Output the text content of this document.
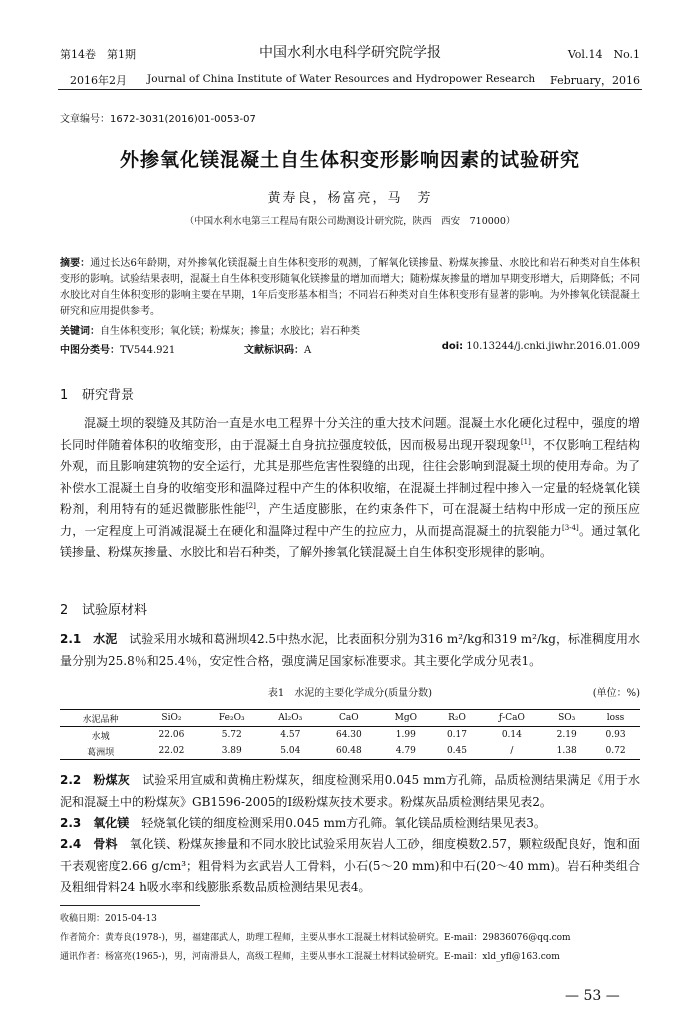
第14卷　第1期	中国水利水电科学研究院学报	Vol.14　No.1
2016年2月 Journal of China Institute of Water Resources and Hydropower Research February，2016
文章编号：1672-3031(2016)01-0053-07
外掺氧化镁混凝土自生体积变形影响因素的试验研究
黄寿良，杨富亮，马　芳
（中国水利水电第三工程局有限公司勘测设计研究院，陕西　西安　710000）
摘要：通过长达6年龄期，对外掺氧化镁混凝土自生体积变形的观测，了解氧化镁掺量、粉煤灰掺量、水胶比和岩石种类对自生体积变形的影响。试验结果表明，混凝土自生体积变形随氧化镁掺量的增加而增大；随粉煤灰掺量的增加早期变形增大，后期降低；不同水胶比对自生体积变形的影响主要在早期，1年后变形基本相当；不同岩石种类对自生体积变形有显著的影响。为外掺氧化镁混凝土研究和应用提供参考。
关键词：自生体积变形；氧化镁；粉煤灰；掺量；水胶比；岩石种类
中图分类号：TV544.921	文献标识码：A	doi: 10.13244/j.cnki.jiwhr.2016.01.009
1 研究背景

混凝土坝的裂缝及其防治一直是水电工程界十分关注的重大技术问题。混凝土水化硬化过程中，强度的增长同时伴随着体积的收缩变形，由于混凝土自身抗拉强度较低，因而极易出现开裂现象[1]，不仅影响工程结构外观，而且影响建筑物的安全运行，尤其是那些危害性裂缝的出现，往往会影响到混凝土坝的使用寿命。为了补偿水工混凝土自身的收缩变形和温降过程中产生的体积收缩，在混凝土拌制过程中掺入一定量的轻烧氧化镁粉剂，利用特有的延迟微膨胀性能[2]，产生适度膨胀，在约束条件下，可在混凝土结构中形成一定的预压应力，一定程度上可消减混凝土在硬化和温降过程中产生的拉应力，从而提高混凝土的抗裂能力[3-4]。通过氧化镁掺量、粉煤灰掺量、水胶比和岩石种类，了解外掺氧化镁混凝土自生体积变形规律的影响。

2 试验原材料

2.1　水泥　 试验采用水城和葛洲坝42.5中热水泥，比表面积分别为316 m²/kg和319 m²/kg，标准稠度用水量分别为25.8％和25.4％，安定性合格，强度满足国家标准要求。其主要化学成分见表1。

表1　水泥的主要化学成分(质量分数)	(单位：%)
水泥品种	SiO₂	Fe₂O₃	Al₂O₃	CaO	MgO	R₂O	ƒ-CaO	SO₃	loss
水城	22.06	5.72	4.57	64.30	1.99	0.17	0.14	2.19	0.93
葛洲坝	22.02	3.89	5.04	60.48	4.79	0.45	/	1.38	0.72

2.2　粉煤灰　 试验采用宣威和黄桷庄粉煤灰，细度检测采用0.045 mm方孔筛，品质检测结果满足《用于水泥和混凝土中的粉煤灰》GB1596-2005的Ⅰ级粉煤灰技术要求。粉煤灰品质检测结果见表2。

2.3　氧化镁　 轻烧氧化镁的细度检测采用0.045 mm方孔筛。氧化镁品质检测结果见表3。

2.4　骨料　 氧化镁、粉煤灰掺量和不同水胶比试验采用灰岩人工砂，细度模数2.57，颗粒级配良好，饱和面干表观密度2.66 g/cm³；粗骨料为玄武岩人工骨料，小石(5～20 mm)和中石(20～40 mm)。岩石种类组合及粗细骨料24 h吸水率和线膨胀系数品质检测结果见表4。

收稿日期：2015-04-13
作者简介：黄寿良(1978-)，男，福建邵武人，助理工程师，主要从事水工混凝土材料试验研究。E-mail：29836076@qq.com
通讯作者：杨富亮(1965-)，男，河南滑县人，高级工程师，主要从事水工混凝土材料试验研究。E-mail：xld_yfl@163.com
— 53 —
